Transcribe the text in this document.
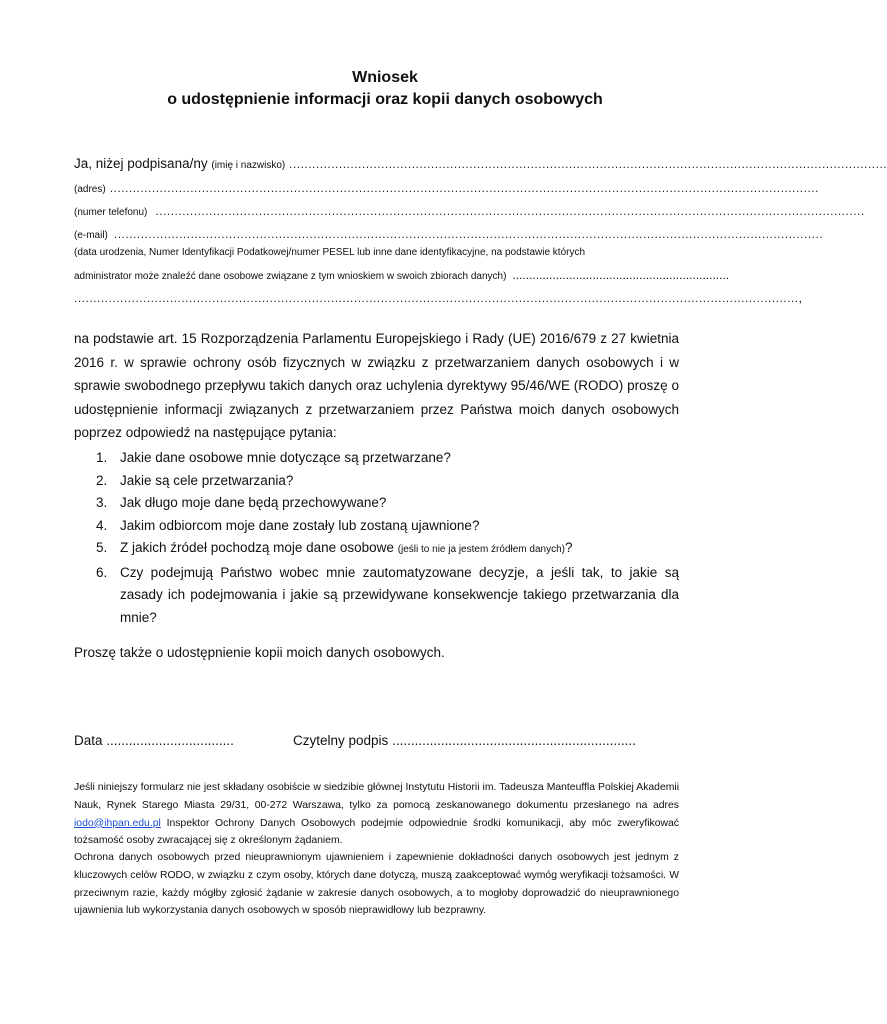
Wniosek
o udostępnienie informacji oraz kopii danych osobowych
Ja, niżej podpisana/ny (imię i nazwisko) ............................................................................................................................................................
(adres) .........................................................................................................................................................................................
(numer telefonu) .........................................................................................................................................................................................
(e-mail) .........................................................................................................................................................................................
(data urodzenia, Numer Identyfikacji Podatkowej/numer PESEL lub inne dane identyfikacyjne, na podstawie których
administrator może znaleźć dane osobowe związane z tym wnioskiem w swoich zbiorach danych) .................................................................
............................................................................................................................................................................................. ,
na podstawie art. 15 Rozporządzenia Parlamentu Europejskiego i Rady (UE) 2016/679 z 27 kwietnia 2016 r. w sprawie ochrony osób fizycznych w związku z przetwarzaniem danych osobowych i w sprawie swobodnego przepływu takich danych oraz uchylenia dyrektywy 95/46/WE (RODO) proszę o udostępnienie informacji związanych z przetwarzaniem przez Państwa moich danych osobowych poprzez odpowiedź na następujące pytania:
1. Jakie dane osobowe mnie dotyczące są przetwarzane?
2. Jakie są cele przetwarzania?
3. Jak długo moje dane będą przechowywane?
4. Jakim odbiorcom moje dane zostały lub zostaną ujawnione?
5. Z jakich źródeł pochodzą moje dane osobowe (jeśli to nie ja jestem źródłem danych)?
6. Czy podejmują Państwo wobec mnie zautomatyzowane decyzje, a jeśli tak, to jakie są zasady ich podejmowania i jakie są przewidywane konsekwencje takiego przetwarzania dla mnie?
Proszę także o udostępnienie kopii moich danych osobowych.
Data ..................................	Czytelny podpis .................................................................
Jeśli niniejszy formularz nie jest składany osobiście w siedzibie głównej Instytutu Historii im. Tadeusza Manteuffla Polskiej Akademii Nauk, Rynek Starego Miasta 29/31, 00-272 Warszawa, tylko za pomocą zeskanowanego dokumentu przesłanego na adres iodo@ihpan.edu.pl Inspektor Ochrony Danych Osobowych podejmie odpowiednie środki komunikacji, aby móc zweryfikować tożsamość osoby zwracającej się z określonym żądaniem.
Ochrona danych osobowych przed nieuprawnionym ujawnieniem i zapewnienie dokładności danych osobowych jest jednym z kluczowych celów RODO, w związku z czym osoby, których dane dotyczą, muszą zaakceptować wymóg weryfikacji tożsamości. W przeciwnym razie, każdy mógłby zgłosić żądanie w zakresie danych osobowych, a to mogłoby doprowadzić do nieuprawnionego ujawnienia lub wykorzystania danych osobowych w sposób nieprawidłowy lub bezprawny.
